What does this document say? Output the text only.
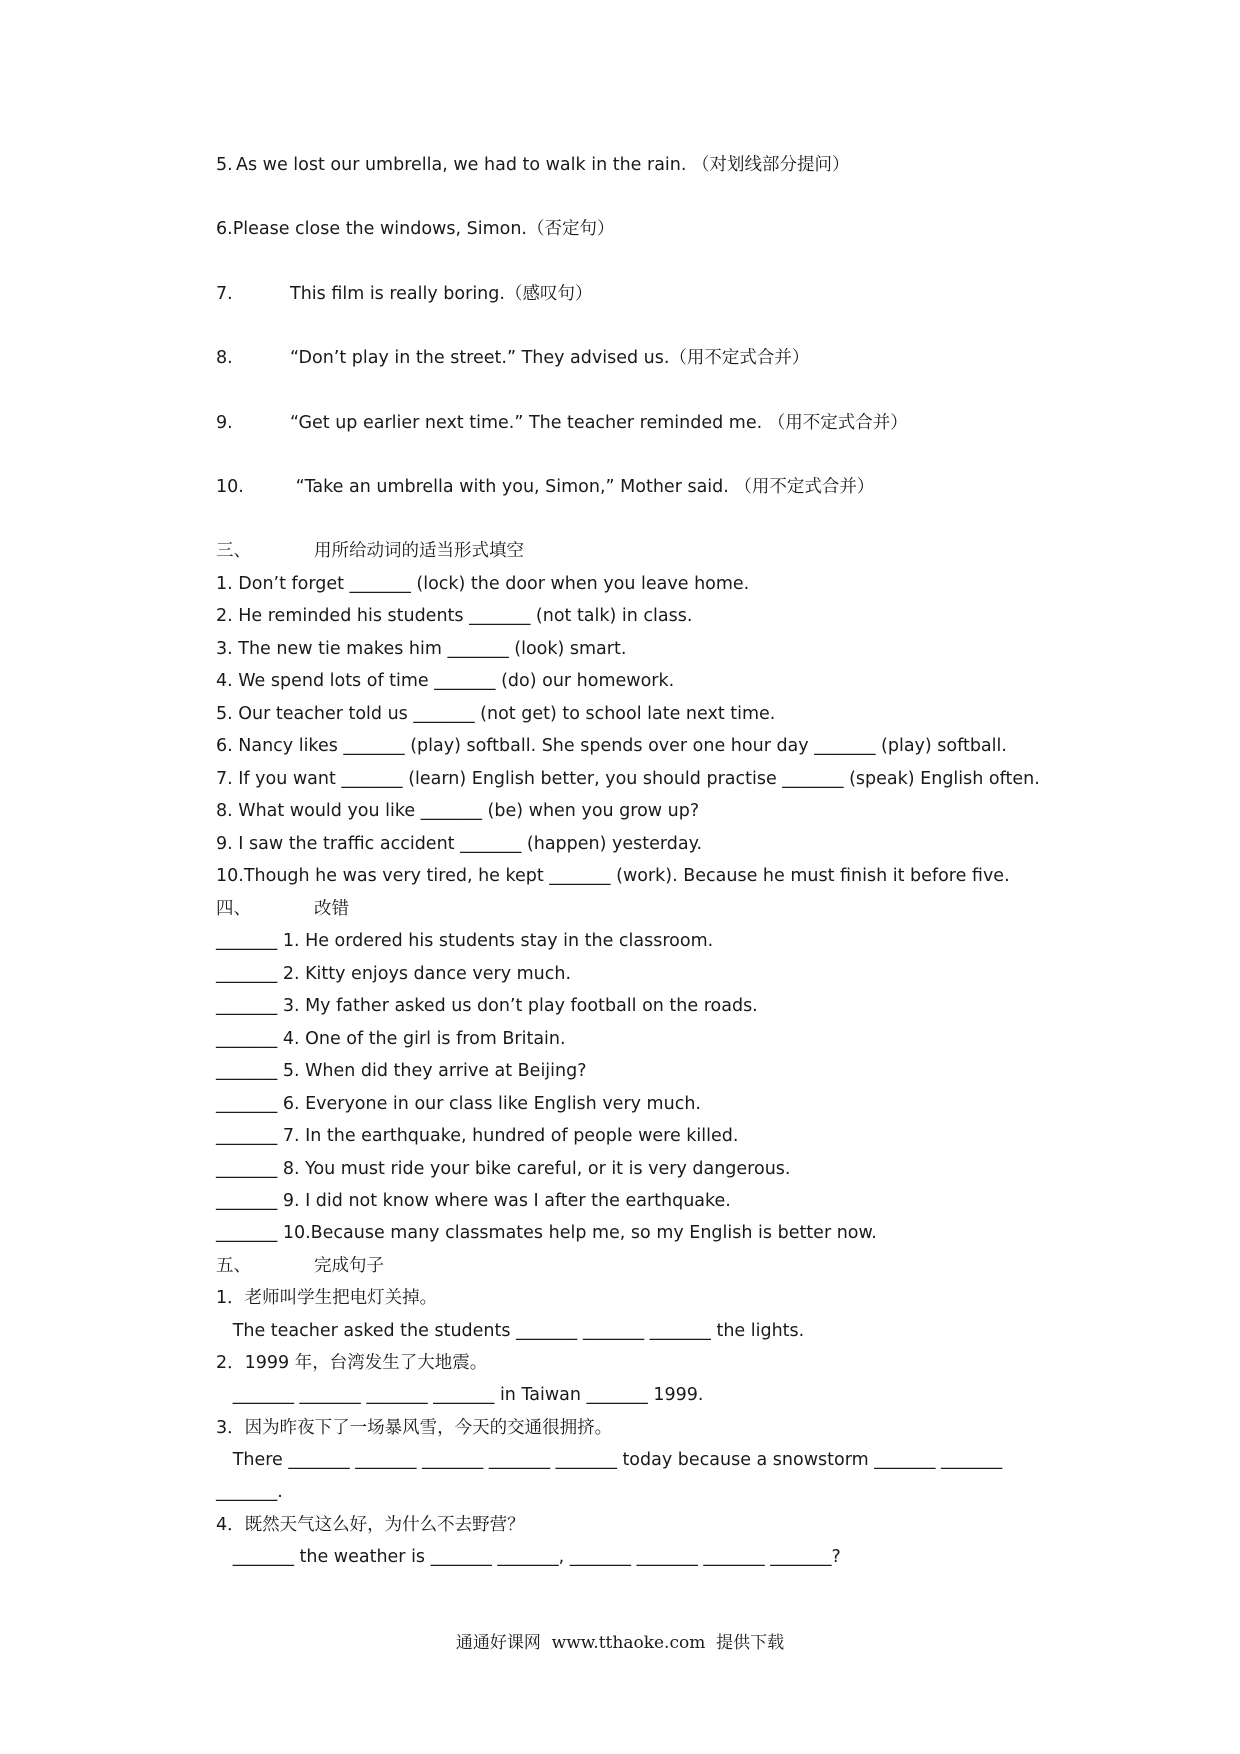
5. As we lost our umbrella, we had to walk in the rain. （对划线部分提问）

6.Please close the windows, Simon.（否定句）

7.	This film is really boring.（感叹句）

8.	“Don’t play in the street.” They advised us.（用不定式合并）

9.	“Get up earlier next time.” The teacher reminded me. （用不定式合并）

10.	“Take an umbrella with you, Simon,” Mother said. （用不定式合并）

三、	用所给动词的适当形式填空

1. Don’t forget _______ (lock) the door when you leave home.

2. He reminded his students _______ (not talk) in class.

3. The new tie makes him _______ (look) smart.

4. We spend lots of time _______ (do) our homework.

5. Our teacher told us _______ (not get) to school late next time.

6. Nancy likes _______ (play) softball. She spends over one hour day _______ (play) softball.

7. If you want _______ (learn) English better, you should practise _______ (speak) English often.

8. What would you like _______ (be) when you grow up?

9. I saw the traffic accident _______ (happen) yesterday.

10.Though he was very tired, he kept _______ (work). Because he must finish it before five.

四、	改错

_______ 1. He ordered his students stay in the classroom.

_______ 2. Kitty enjoys dance very much.

_______ 3. My father asked us don’t play football on the roads.

_______ 4. One of the girl is from Britain.

_______ 5. When did they arrive at Beijing?

_______ 6. Everyone in our class like English very much.

_______ 7. In the earthquake, hundred of people were killed.

_______ 8. You must ride your bike careful, or it is very dangerous.

_______ 9. I did not know where was I after the earthquake.

_______ 10.Because many classmates help me, so my English is better now.

五、	完成句子

1．老师叫学生把电灯关掉。

The teacher asked the students _______ _______ _______ the lights.

2．1999 年，台湾发生了大地震。

_______ _______ _______ _______ in Taiwan _______ 1999.

3．因为昨夜下了一场暴风雪，今天的交通很拥挤。

There _______ _______ _______ _______ _______ today because a snowstorm _______ _______

_______.

4．既然天气这么好，为什么不去野营？

_______ the weather is _______ _______, _______ _______ _______ _______?

通通好课网  www.tthaoke.com  提供下载
